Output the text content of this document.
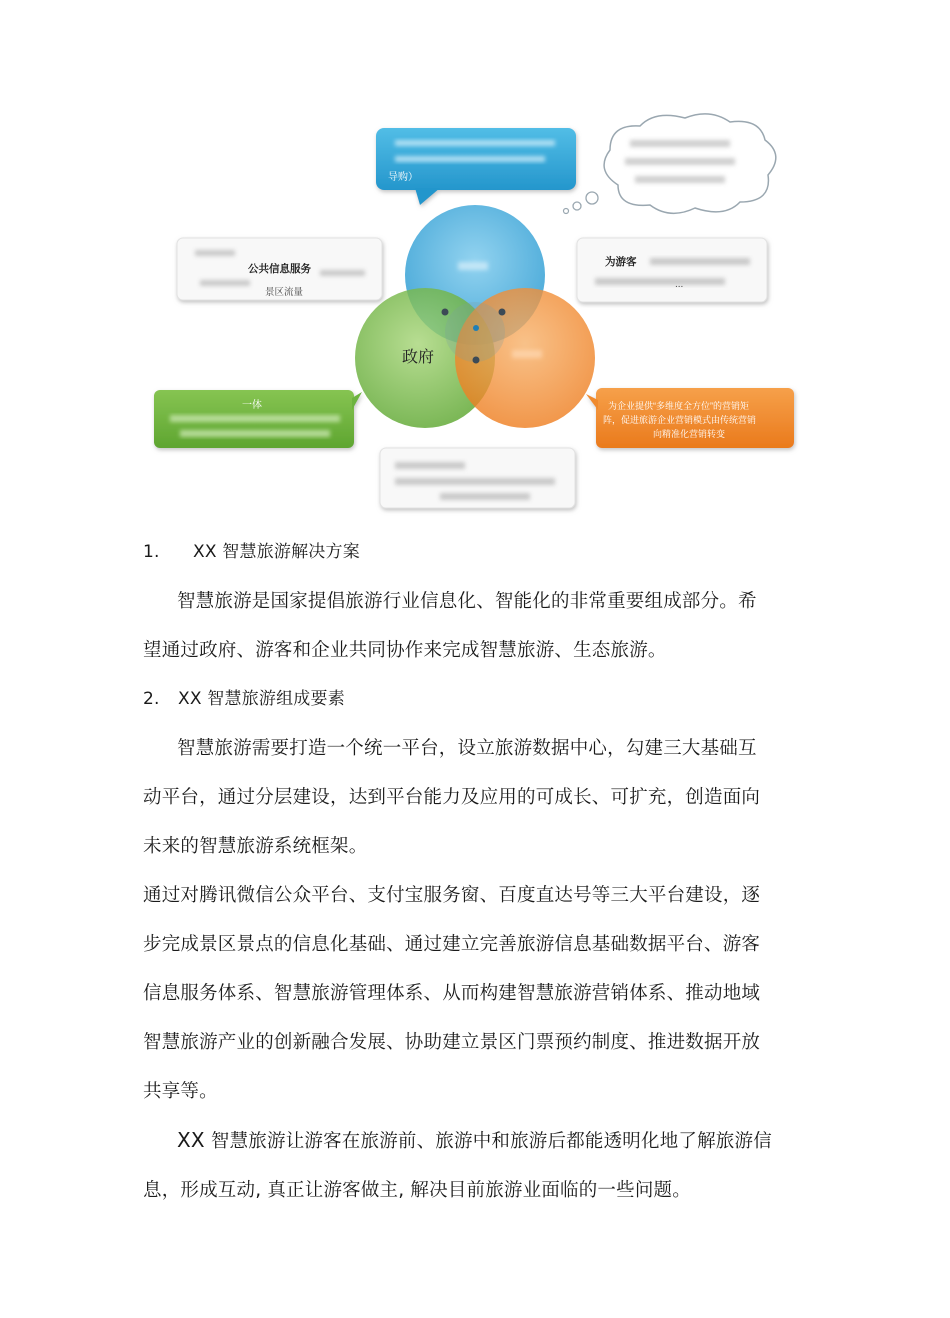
导购）
公共信息服务
景区流量
为游客
...
政府
一体	为企业提供“多维度全方位”的营销矩
阵，促进旅游企业营销模式由传统营销
向精准化营销转变
1. XX 智慧旅游解决方案
智慧旅游是国家提倡旅游行业信息化、智能化的非常重要组成部分。希
望通过政府、游客和企业共同协作来完成智慧旅游、生态旅游。
2. XX 智慧旅游组成要素
智慧旅游需要打造一个统一平台，设立旅游数据中心，勾建三大基础互
动平台，通过分层建设，达到平台能力及应用的可成长、可扩充，创造面向
未来的智慧旅游系统框架。
通过对腾讯微信公众平台、支付宝服务窗、百度直达号等三大平台建设，逐
步完成景区景点的信息化基础、通过建立完善旅游信息基础数据平台、游客
信息服务体系、智慧旅游管理体系、从而构建智慧旅游营销体系、推动地域
智慧旅游产业的创新融合发展、协助建立景区门票预约制度、推进数据开放
共享等。
XX 智慧旅游让游客在旅游前、旅游中和旅游后都能透明化地了解旅游信
息，形成互动, 真正让游客做主, 解决目前旅游业面临的一些问题。
